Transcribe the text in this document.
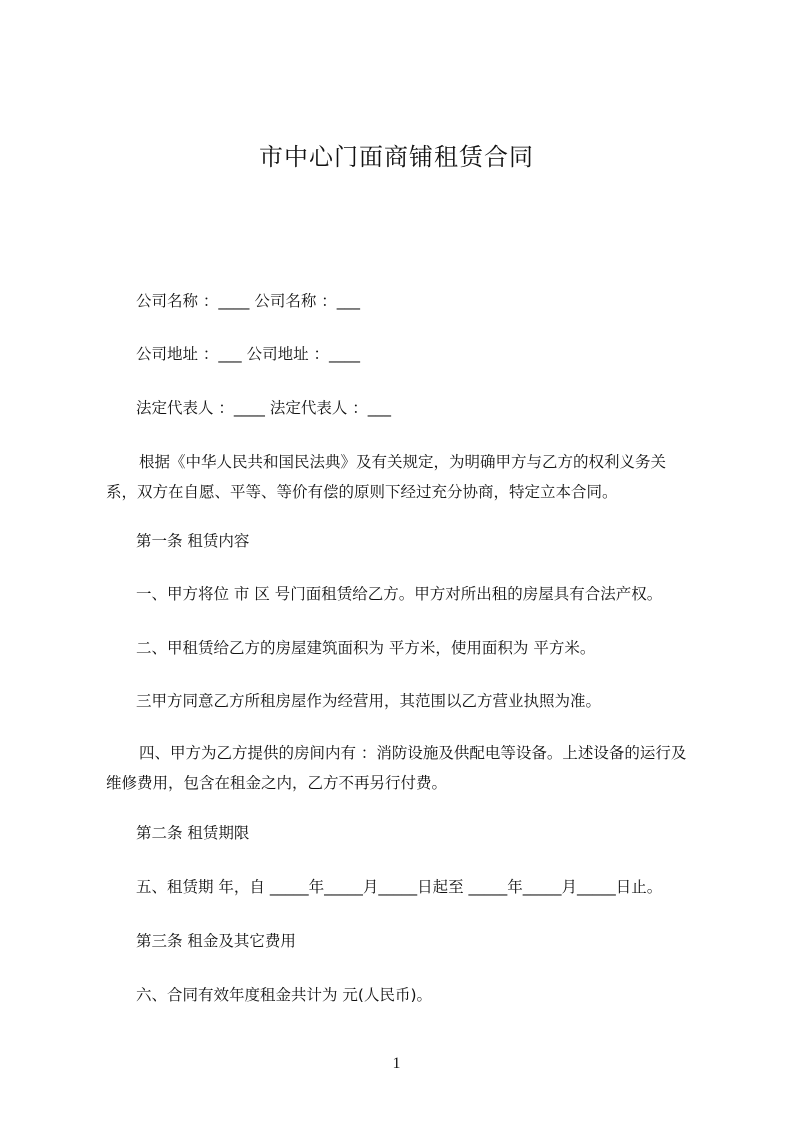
市中心门面商铺租赁合同

公司名称 ：____ 公司名称 ：___

公司地址 ：___ 公司地址 ：____

法定代表人 ：____ 法定代表人 ：___

根据《中华人民共和国民法典》及有关规定，为明确甲方与乙方的权利义务关系，双方在自愿、平等、等价有偿的原则下经过充分协商，特定立本合同。

第一条 租赁内容

一、甲方将位 市 区 号门面租赁给乙方。甲方对所出租的房屋具有合法产权。

二、甲租赁给乙方的房屋建筑面积为 平方米，使用面积为 平方米。

三甲方同意乙方所租房屋作为经营用，其范围以乙方营业执照为准。

四、甲方为乙方提供的房间内有 ：消防设施及供配电等设备。上述设备的运行及维修费用，包含在租金之内，乙方不再另行付费。

第二条 租赁期限

五、租赁期 年，自 _____年_____月_____日起至 _____年_____月_____日止。

第三条 租金及其它费用

六、合同有效年度租金共计为 元(人民币)。

1
